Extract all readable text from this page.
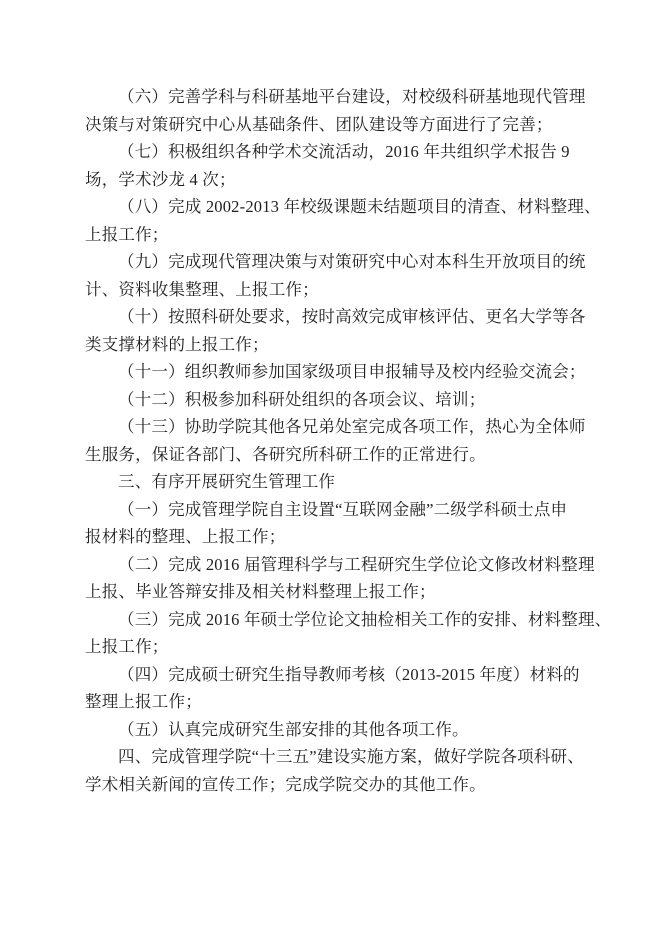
（六）完善学科与科研基地平台建设，对校级科研基地现代管理
决策与对策研究中心从基础条件、团队建设等方面进行了完善；
（七）积极组织各种学术交流活动，2016 年共组织学术报告 9
场，学术沙龙 4 次；
（八）完成 2002-2013 年校级课题未结题项目的清查、材料整理、
上报工作；
（九）完成现代管理决策与对策研究中心对本科生开放项目的统
计、资料收集整理、上报工作；
（十）按照科研处要求，按时高效完成审核评估、更名大学等各
类支撑材料的上报工作；
（十一）组织教师参加国家级项目申报辅导及校内经验交流会；
（十二）积极参加科研处组织的各项会议、培训；
（十三）协助学院其他各兄弟处室完成各项工作，热心为全体师
生服务，保证各部门、各研究所科研工作的正常进行。
三、有序开展研究生管理工作
（一）完成管理学院自主设置“互联网金融”二级学科硕士点申
报材料的整理、上报工作；
（二）完成 2016 届管理科学与工程研究生学位论文修改材料整理
上报、毕业答辩安排及相关材料整理上报工作；
（三）完成 2016 年硕士学位论文抽检相关工作的安排、材料整理、
上报工作；
（四）完成硕士研究生指导教师考核（2013-2015 年度）材料的
整理上报工作；
（五）认真完成研究生部安排的其他各项工作。
四、完成管理学院“十三五”建设实施方案，做好学院各项科研、
学术相关新闻的宣传工作；完成学院交办的其他工作。
